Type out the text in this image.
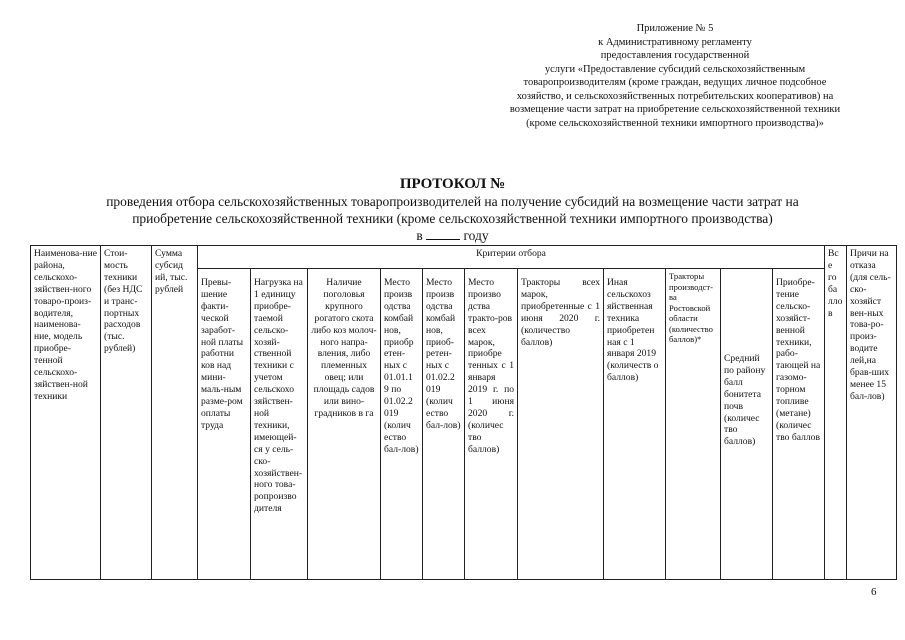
Приложение № 5
к Административному регламенту
предоставления государственной
услуги «Предоставление субсидий сельскохозяйственным
товаропроизводителям (кроме граждан, ведущих личное подсобное
хозяйство, и сельскохозяйственных потребительских кооперативов) на
возмещение части затрат на приобретение сельскохозяйственной техники
(кроме сельскохозяйственной техники импортного производства)»
ПРОТОКОЛ №
проведения отбора сельскохозяйственных товаропроизводителей на получение субсидий на возмещение части затрат на
приобретение сельскохозяйственной техники (кроме сельскохозяйственной техники импортного производства)
в	году
Наименова-ние района, сельскохо-зяйствен-ного товаро-произ-водителя, наименова-ние, модель приобре-тенной сельскохо-зяйствен-ной техники	Стои-мость техники (без НДС и транс-портных расходов (тыс. рублей)	Сумма субсид ий, тыс. рублей	Критерии отбора											Все го ба лло в	Причи на отказа (для сель-ско-хозяйст вен-ных това-ро-произ-водите лей,на брав-ших менее 15 бал-лов)
			Превы-шение факти-ческой заработ-ной платы работни ков над мини-маль-ным разме-ром оплаты труда	Нагрузка на 1 единицу приобре-таемой сельско-хозяй-ственной техники с учетом сельскохо зяйствен-ной техники, имеющей-ся у сель-ско-хозяйствен-ного това-ропроизво дителя	Наличие поголовья крупного рогатого скота либо коз молоч-ного напра-вления, либо племенных овец; или площадь садов или вино-градников в га	Место произв одства комбай нов, приобр етен-ных с 01.01.1 9 по 01.02.2 019 (колич ество бал-лов)	Место произв одства комбай нов, приоб-ретен-ных с 01.02.2 019 (колич ество бал-лов)	Место произво дства тракто-ров всех марок, приобре тенных с 1 января 2019 г. по 1 июня 2020 г. (количес тво баллов)	Тракторы всех марок, приобретенные с 1 июня 2020 г. (количество баллов)	Иная сельскохоз яйственная техника приобретен ная с 1 января 2019 (количеств о баллов)	Тракторы производст-ва Ростовской области (количество баллов)*	Средний по району балл бонитета почв (количес тво баллов)	Приобре-тение сельско-хозяйст-венной техники, рабо-тающей на газомо-торном топливе (метане) (количес тво баллов		
6
